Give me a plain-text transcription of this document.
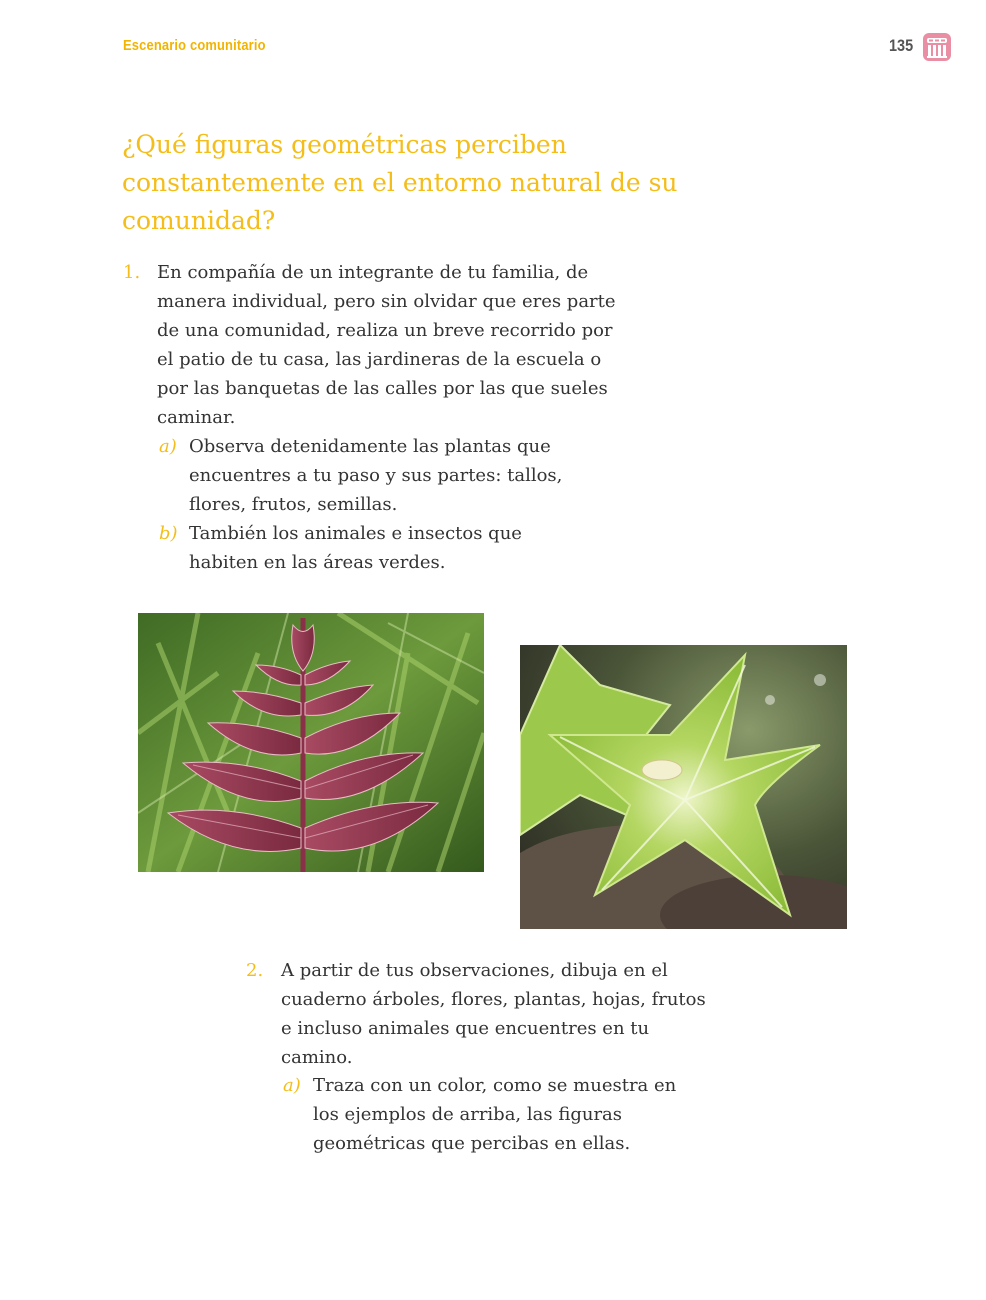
Escenario comunitario	135
¿Qué figuras geométricas perciben constantemente en el entorno natural de su comunidad?
1. En compañía de un integrante de tu familia, de manera individual, pero sin olvidar que eres parte de una comunidad, realiza un breve recorrido por el patio de tu casa, las jardineras de la escuela o por las banquetas de las calles por las que sueles caminar.

a) Observa detenidamente las plantas que encuentres a tu paso y sus partes: tallos, flores, frutos, semillas.

b) También los animales e insectos que habiten en las áreas verdes.

2. A partir de tus observaciones, dibuja en el cuaderno árboles, flores, plantas, hojas, frutos e incluso animales que encuentres en tu camino.

a) Traza con un color, como se muestra en los ejemplos de arriba, las figuras geométricas que percibas en ellas.
